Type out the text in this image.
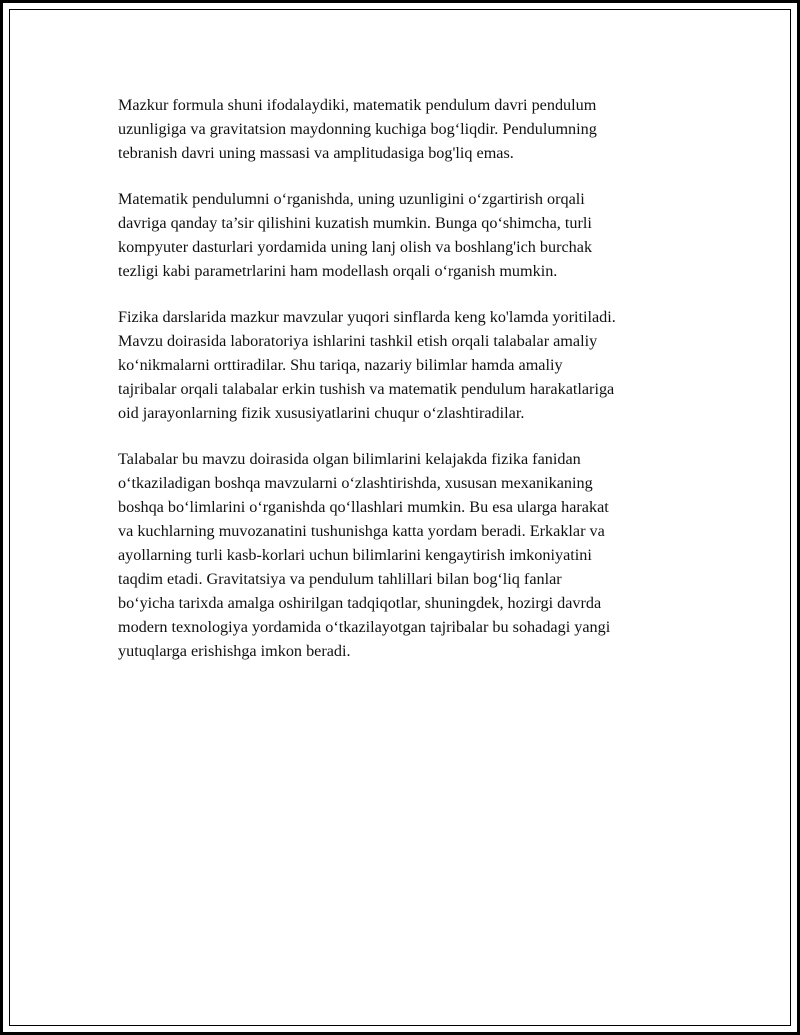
Mazkur formula shuni ifodalaydiki, matematik pendulum davri pendulum
uzunligiga va gravitatsion maydonning kuchiga bog‘liqdir. Pendulumning
tebranish davri uning massasi va amplitudasiga bog'liq emas.

Matematik pendulumni o‘rganishda, uning uzunligini o‘zgartirish orqali
davriga qanday ta’sir qilishini kuzatish mumkin. Bunga qo‘shimcha, turli
kompyuter dasturlari yordamida uning lanj olish va boshlang'ich burchak
tezligi kabi parametrlarini ham modellash orqali o‘rganish mumkin.

Fizika darslarida mazkur mavzular yuqori sinflarda keng ko'lamda yoritiladi.
Mavzu doirasida laboratoriya ishlarini tashkil etish orqali talabalar amaliy
ko‘nikmalarni orttiradilar. Shu tariqa, nazariy bilimlar hamda amaliy
tajribalar orqali talabalar erkin tushish va matematik pendulum harakatlariga
oid jarayonlarning fizik xususiyatlarini chuqur o‘zlashtiradilar.

Talabalar bu mavzu doirasida olgan bilimlarini kelajakda fizika fanidan
o‘tkaziladigan boshqa mavzularni o‘zlashtirishda, xususan mexanikaning
boshqa bo‘limlarini o‘rganishda qo‘llashlari mumkin. Bu esa ularga harakat
va kuchlarning muvozanatini tushunishga katta yordam beradi. Erkaklar va
ayollarning turli kasb-korlari uchun bilimlarini kengaytirish imkoniyatini
taqdim etadi. Gravitatsiya va pendulum tahlillari bilan bog‘liq fanlar
bo‘yicha tarixda amalga oshirilgan tadqiqotlar, shuningdek, hozirgi davrda
modern texnologiya yordamida o‘tkazilayotgan tajribalar bu sohadagi yangi
yutuqlarga erishishga imkon beradi.
